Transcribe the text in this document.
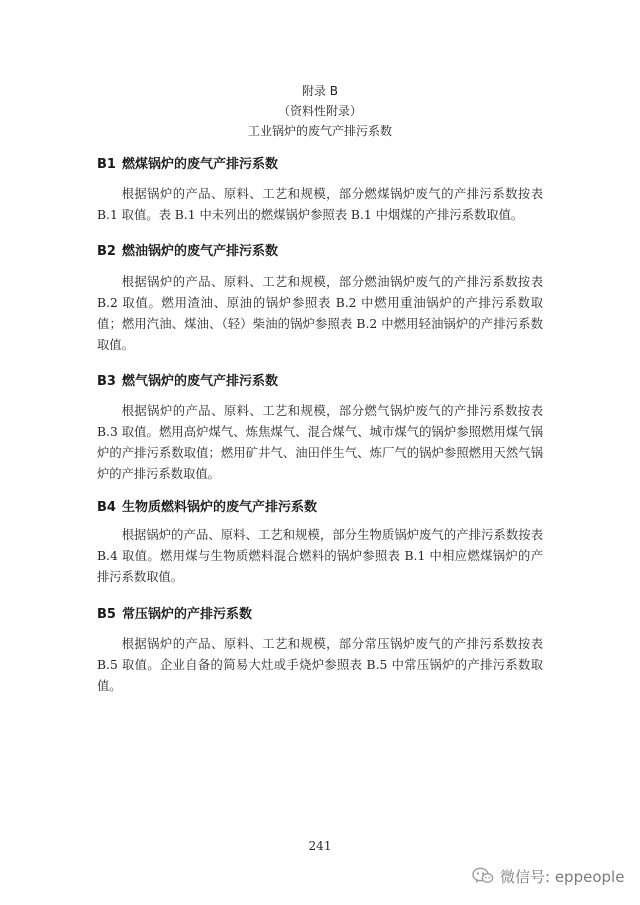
附录 B
（资料性附录）
工业锅炉的废气产排污系数
B1 燃煤锅炉的废气产排污系数
根据锅炉的产品、原料、工艺和规模，部分燃煤锅炉废气的产排污系数按表 B.1 取值。表 B.1 中未列出的燃煤锅炉参照表 B.1 中烟煤的产排污系数取值。
B2 燃油锅炉的废气产排污系数
根据锅炉的产品、原料、工艺和规模，部分燃油锅炉废气的产排污系数按表 B.2 取值。燃用渣油、原油的锅炉参照表 B.2 中燃用重油锅炉的产排污系数取值；燃用汽油、煤油、（轻）柴油的锅炉参照表 B.2 中燃用轻油锅炉的产排污系数取值。
B3 燃气锅炉的废气产排污系数
根据锅炉的产品、原料、工艺和规模，部分燃气锅炉废气的产排污系数按表 B.3 取值。燃用高炉煤气、炼焦煤气、混合煤气、城市煤气的锅炉参照燃用煤气锅炉的产排污系数取值；燃用矿井气、油田伴生气、炼厂气的锅炉参照燃用天然气锅炉的产排污系数取值。
B4 生物质燃料锅炉的废气产排污系数
根据锅炉的产品、原料、工艺和规模，部分生物质锅炉废气的产排污系数按表 B.4 取值。燃用煤与生物质燃料混合燃料的锅炉参照表 B.1 中相应燃煤锅炉的产排污系数取值。
B5 常压锅炉的产排污系数
根据锅炉的产品、原料、工艺和规模，部分常压锅炉废气的产排污系数按表 B.5 取值。企业自备的简易大灶或手烧炉参照表 B.5 中常压锅炉的产排污系数取值。
241
微信号: eppeople
